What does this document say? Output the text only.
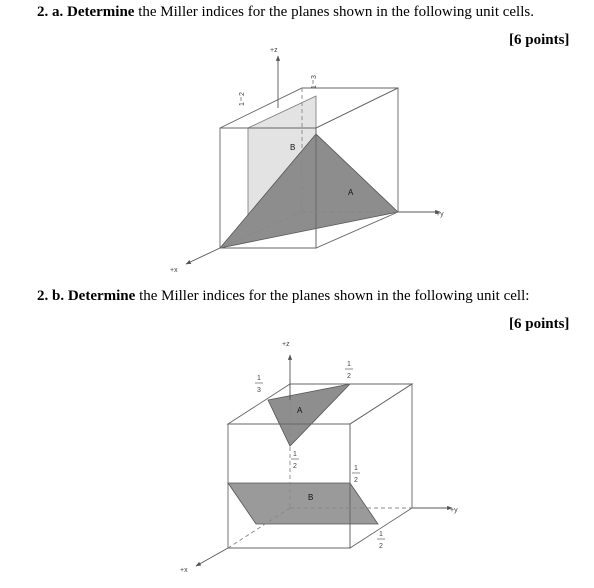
2. a. Determine the Miller indices for the planes shown in the following unit cells.
[6 points]
+z
+y
+x
A
B
1
2
1
3
2. b. Determine the Miller indices for the planes shown in the following unit cell:
[6 points]
+z
+y
+x
A
B
1
3
1
2
1
2	1
2
1
2
